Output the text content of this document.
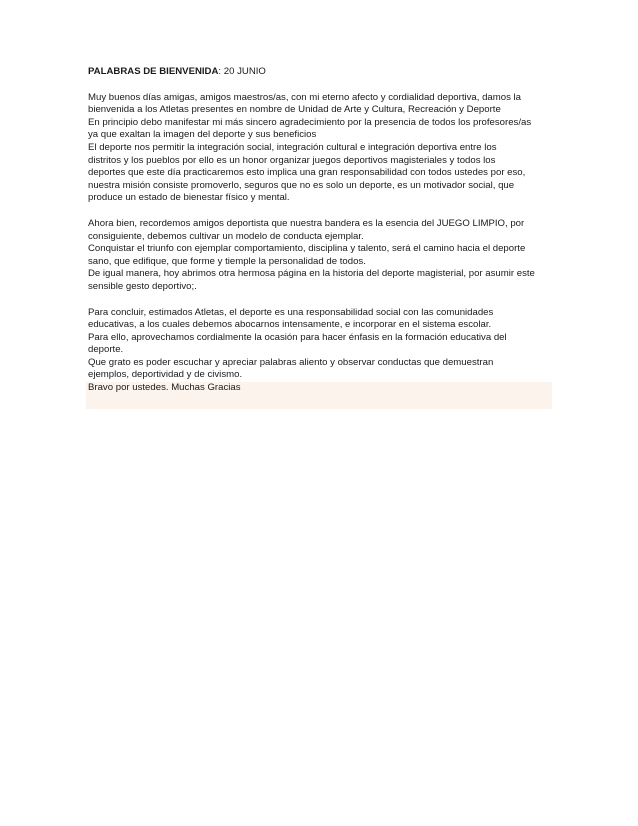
PALABRAS DE BIENVENIDA: 20 JUNIO
Muy buenos días amigas, amigos maestros/as, con mi eterno afecto y cordialidad deportiva, damos la
bienvenida a los Atletas presentes en nombre de Unidad de Arte y Cultura, Recreación y Deporte
En principio debo manifestar mi más sincero agradecimiento por la presencia de todos los profesores/as
ya que exaltan la imagen del deporte y sus beneficios
El deporte nos permitir la integración social, integración cultural e integración deportiva entre los
distritos y los pueblos por ello es un honor organizar juegos deportivos magisteriales y todos los
deportes que este día practicaremos esto implica una gran responsabilidad con todos ustedes por eso,
nuestra misión consiste promoverlo, seguros que no es solo un deporte, es un motivador social, que
produce un estado de bienestar físico y mental.
Ahora bien, recordemos amigos deportista que nuestra bandera es la esencia del JUEGO LIMPIO, por
consiguiente, debemos cultivar un modelo de conducta ejemplar.
Conquistar el triunfo con ejemplar comportamiento, disciplina y talento, será el camino hacia el deporte
sano, que edifique, que forme y tiemple la personalidad de todos.
De igual manera, hoy abrimos otra hermosa página en la historia del deporte magisterial, por asumir este
sensible gesto deportivo;.
Para concluir, estimados Atletas, el deporte es una responsabilidad social con las comunidades
educativas, a los cuales debemos abocarnos intensamente, e incorporar en el sistema escolar.
Para ello, aprovechamos cordialmente la ocasión para hacer énfasis en la formación educativa del
deporte.
Que grato es poder escuchar y apreciar palabras aliento y observar conductas que demuestran
ejemplos, deportividad y de civismo.
Bravo por ustedes. Muchas Gracias
